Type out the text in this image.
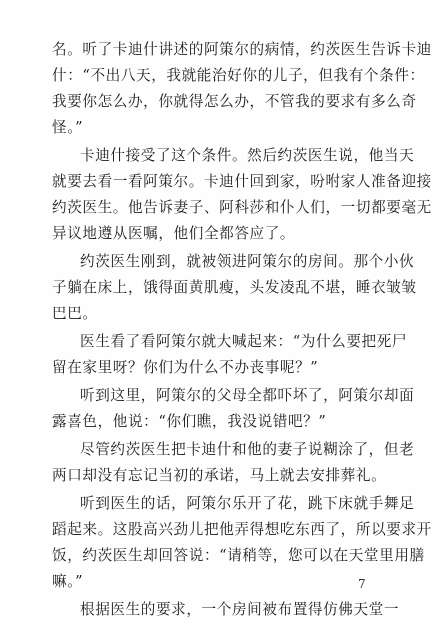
名。听了卡迪什讲述的阿策尔的病情，约茨医生告诉卡迪
什：“不出八天，我就能治好你的儿子，但我有个条件：
我要你怎么办，你就得怎么办，不管我的要求有多么奇
怪。”
卡迪什接受了这个条件。然后约茨医生说，他当天
就要去看一看阿策尔。卡迪什回到家，吩咐家人准备迎接
约茨医生。他告诉妻子、阿科莎和仆人们，一切都要毫无
异议地遵从医嘱，他们全都答应了。
约茨医生刚到，就被领进阿策尔的房间。那个小伙
子躺在床上，饿得面黄肌瘦，头发凌乱不堪，睡衣皱皱
巴巴。
医生看了看阿策尔就大喊起来：“为什么要把死尸
留在家里呀？你们为什么不办丧事呢？”
听到这里，阿策尔的父母全都吓坏了，阿策尔却面
露喜色，他说：“你们瞧，我没说错吧？”
尽管约茨医生把卡迪什和他的妻子说糊涂了，但老
两口却没有忘记当初的承诺，马上就去安排葬礼。
听到医生的话，阿策尔乐开了花，跳下床就手舞足
蹈起来。这股高兴劲儿把他弄得想吃东西了，所以要求开
饭，约茨医生却回答说：“请稍等，您可以在天堂里用膳
嘛。”
根据医生的要求，一个房间被布置得仿佛天堂一
7
